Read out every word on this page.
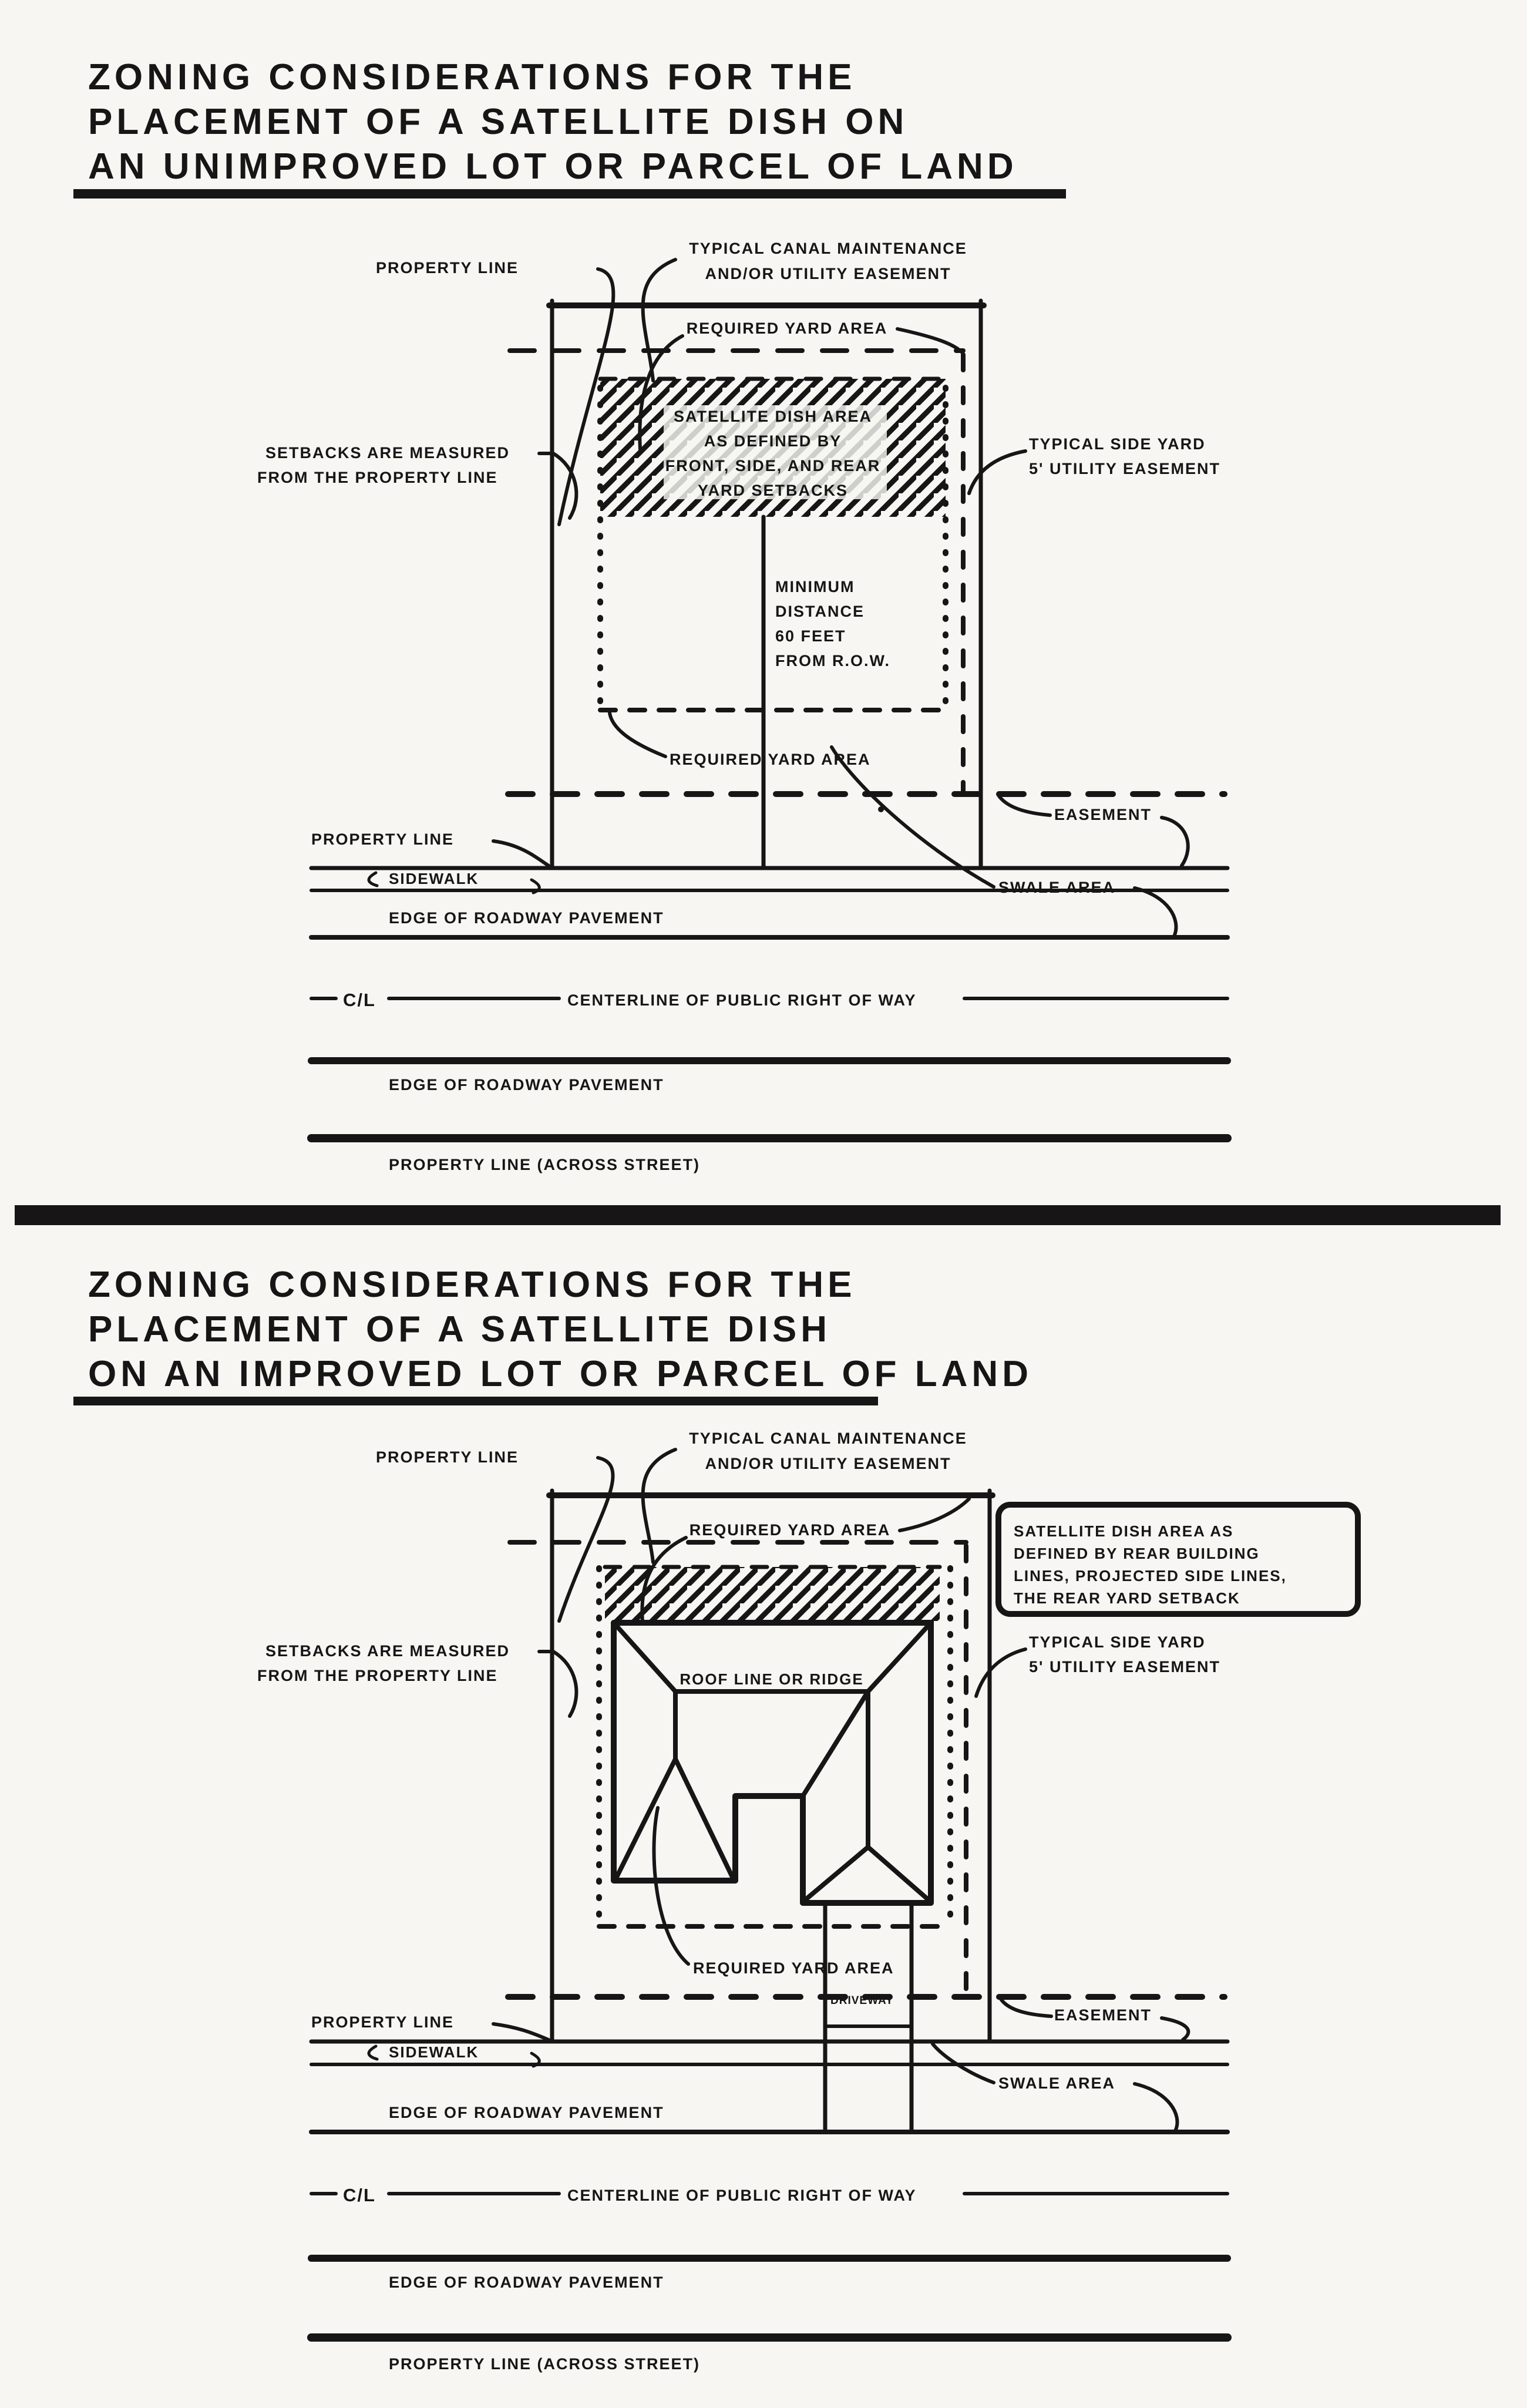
ZONING CONSIDERATIONS FOR THE
PLACEMENT OF A SATELLITE DISH ON
AN UNIMPROVED LOT OR PARCEL OF LAND
SATELLITE DISH AREA
AS DEFINED BY
FRONT, SIDE, AND REAR
YARD SETBACKS
MINIMUM
DISTANCE
60 FEET
FROM R.O.W.
PROPERTY LINE
TYPICAL CANAL MAINTENANCE
AND/OR UTILITY EASEMENT
REQUIRED YARD AREA
SETBACKS ARE MEASURED
FROM THE PROPERTY LINE
TYPICAL SIDE YARD
5' UTILITY EASEMENT
REQUIRED YARD AREA
PROPERTY LINE
SIDEWALK
EASEMENT
SWALE AREA
EDGE OF ROADWAY PAVEMENT
C/L	CENTERLINE OF PUBLIC RIGHT OF WAY
EDGE OF ROADWAY PAVEMENT
PROPERTY LINE (ACROSS STREET)
ZONING CONSIDERATIONS FOR THE
PLACEMENT OF A SATELLITE DISH
ON AN IMPROVED LOT OR PARCEL OF LAND
ROOF LINE OR RIDGE
DRIVEWAY
PROPERTY LINE
TYPICAL CANAL MAINTENANCE
AND/OR UTILITY EASEMENT
REQUIRED YARD AREA	SATELLITE DISH AREA AS
DEFINED BY REAR BUILDING
LINES, PROJECTED SIDE LINES,
THE REAR YARD SETBACK
SETBACKS ARE MEASURED
FROM THE PROPERTY LINE
TYPICAL SIDE YARD
5' UTILITY EASEMENT
REQUIRED YARD AREA
PROPERTY LINE
SIDEWALK
EASEMENT
SWALE AREA
EDGE OF ROADWAY PAVEMENT
C/L	CENTERLINE OF PUBLIC RIGHT OF WAY
EDGE OF ROADWAY PAVEMENT
PROPERTY LINE (ACROSS STREET)
